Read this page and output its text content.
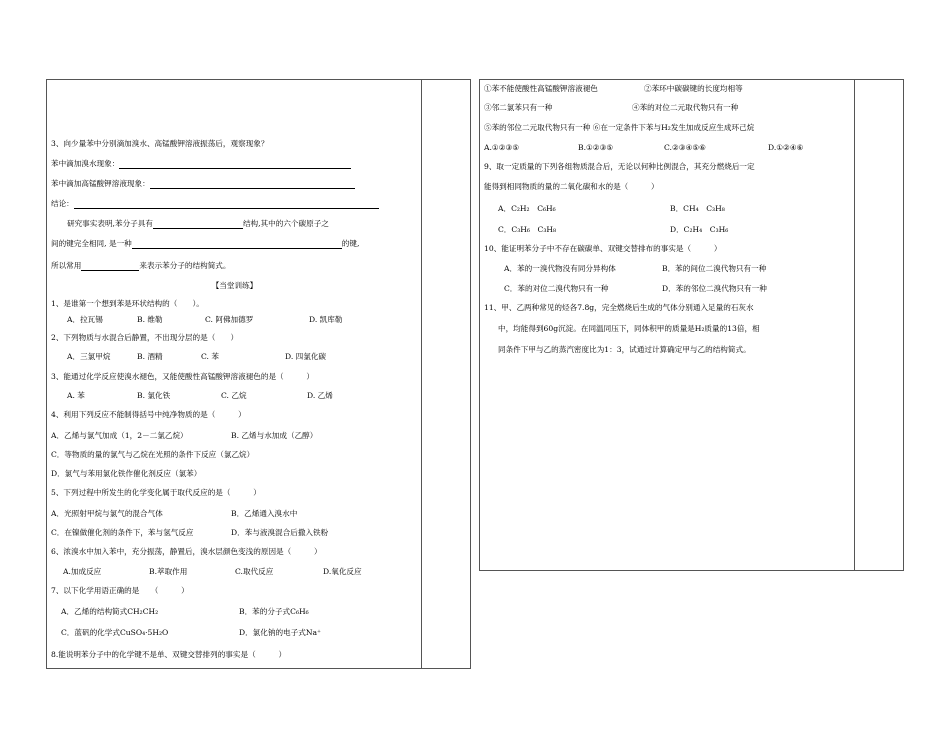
3、向少量苯中分别滴加溴水、高锰酸钾溶液振荡后，观察现象？
苯中滴加溴水现象：
苯中滴加高锰酸钾溶液现象：
结论：
研究事实表明,苯分子具有	结构,其中的六个碳原子之
间的键完全相同, 是一种	的键,
所以常用	来表示苯分子的结构简式。
【当堂训练】
1、是谁第一个想到苯是环状结构的（　　）。
A．拉瓦锡	B. 维勒	C. 阿佛加德罗	D. 凯库勒
2、下列物质与水混合后静置，不出现分层的是（　　）
A．三氯甲烷	B. 酒精	C. 苯	D. 四氯化碳
3、能通过化学反应使溴水褪色，又能使酸性高锰酸钾溶液褪色的是（　　　）
A. 苯	B. 氯化铁	C. 乙烷	D. 乙烯
4、利用下列反应不能制得括号中纯净物质的是（　　　）
A．乙烯与氯气加成（1，2－二氯乙烷）	B. 乙烯与水加成（乙醇）
C．等物质的量的氯气与乙烷在光照的条件下反应（氯乙烷）
D．氯气与苯用氯化铁作催化剂反应（氯苯）
5、下列过程中所发生的化学变化属于取代反应的是（　　　）
A．光照射甲烷与氯气的混合气体	B．乙烯通入溴水中
C．在镍做催化剂的条件下，苯与氢气反应	D．苯与液溴混合后撒入铁粉
6、浓溴水中加入苯中，充分振荡，静置后，溴水层颜色变浅的原因是（　　　）
A.加成反应	B.萃取作用	C.取代反应	D.氧化反应
7、以下化学用语正确的是　　（　　　）
A．乙烯的结构简式CH₂CH₂	B．苯的分子式C₆H₆
C．蓝矾的化学式CuSO₄·5H₂O	D．氯化钠的电子式Na⁺
8.能说明苯分子中的化学键不是单、双键交替排列的事实是（　　　）
①苯不能使酸性高锰酸钾溶液褪色	②苯环中碳碳键的长度均相等
③邻二氯苯只有一种	④苯的对位二元取代物只有一种
⑤苯的邻位二元取代物只有一种 ⑥在一定条件下苯与H₂发生加成反应生成环己烷
A.①②③⑤	B.①②③⑤	C.②③④⑤⑥	D.①②④⑥
9、取一定质量的下列各组物质混合后，无论以何种比例混合，其充分燃烧后一定
能得到相同物质的量的二氧化碳和水的是（　　　）
A．C₂H₂　C₆H₆	B．CH₄　C₃H₈
C．C₃H₆　C₃H₈	D．C₂H₄　C₃H₆
10、能证明苯分子中不存在碳碳单、双键交替排布的事实是（　　　）
A．苯的一溴代物没有同分异构体	B．苯的间位二溴代物只有一种
C．苯的对位二溴代物只有一种	D．苯的邻位二溴代物只有一种
11、甲、乙两种常见的烃各7.8g，完全燃烧后生成的气体分别通入足量的石灰水
中，均能得到60g沉淀。在同温同压下，同体积甲的质量是H₂质量的13倍，相
同条件下甲与乙的蒸汽密度比为1：3，试通过计算确定甲与乙的结构简式。
